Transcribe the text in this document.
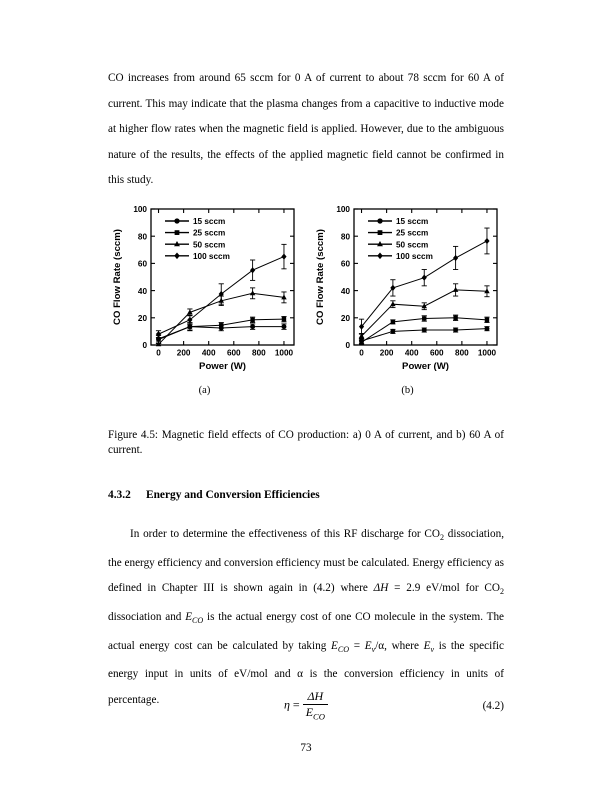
CO increases from around 65 sccm for 0 A of current to about 78 sccm for 60 A of current. This may indicate that the plasma changes from a capacitive to inductive mode at higher flow rates when the magnetic field is applied. However, due to the ambiguous nature of the results, the effects of the applied magnetic field cannot be confirmed in this study.
0
20
40
60
80
100
0 200 400 600 800 1000
Power (W)
CO Flow Rate (sccm)
15 sccm
25 sccm
50 sccm
100 sccm
(a)
0
20
40
60
80
100
0 200 400 600 800 1000
Power (W)
CO Flow Rate (sccm)
15 sccm
25 sccm
50 sccm
100 sccm
(b)
Figure 4.5: Magnetic field effects of CO production: a) 0 A of current, and b) 60 A of current.
4.3.2 Energy and Conversion Efficiencies
In order to determine the effectiveness of this RF discharge for $CO_2$ dissociation, the energy efficiency and conversion efficiency must be calculated. Energy efficiency as defined in Chapter III is shown again in (4.2) where ΔH = 2.9 eV/mol for $CO_2$ dissociation and $E_{CO}$ is the actual energy cost of one CO molecule in the system. The actual energy cost can be calculated by taking $E_{CO} = E_v/\alpha$, where $E_v$ is the specific energy input in units of eV/mol and α is the conversion efficiency in units of percentage.	$\eta = \frac{\Delta H}{E_{CO}}$	(4.2)
73
